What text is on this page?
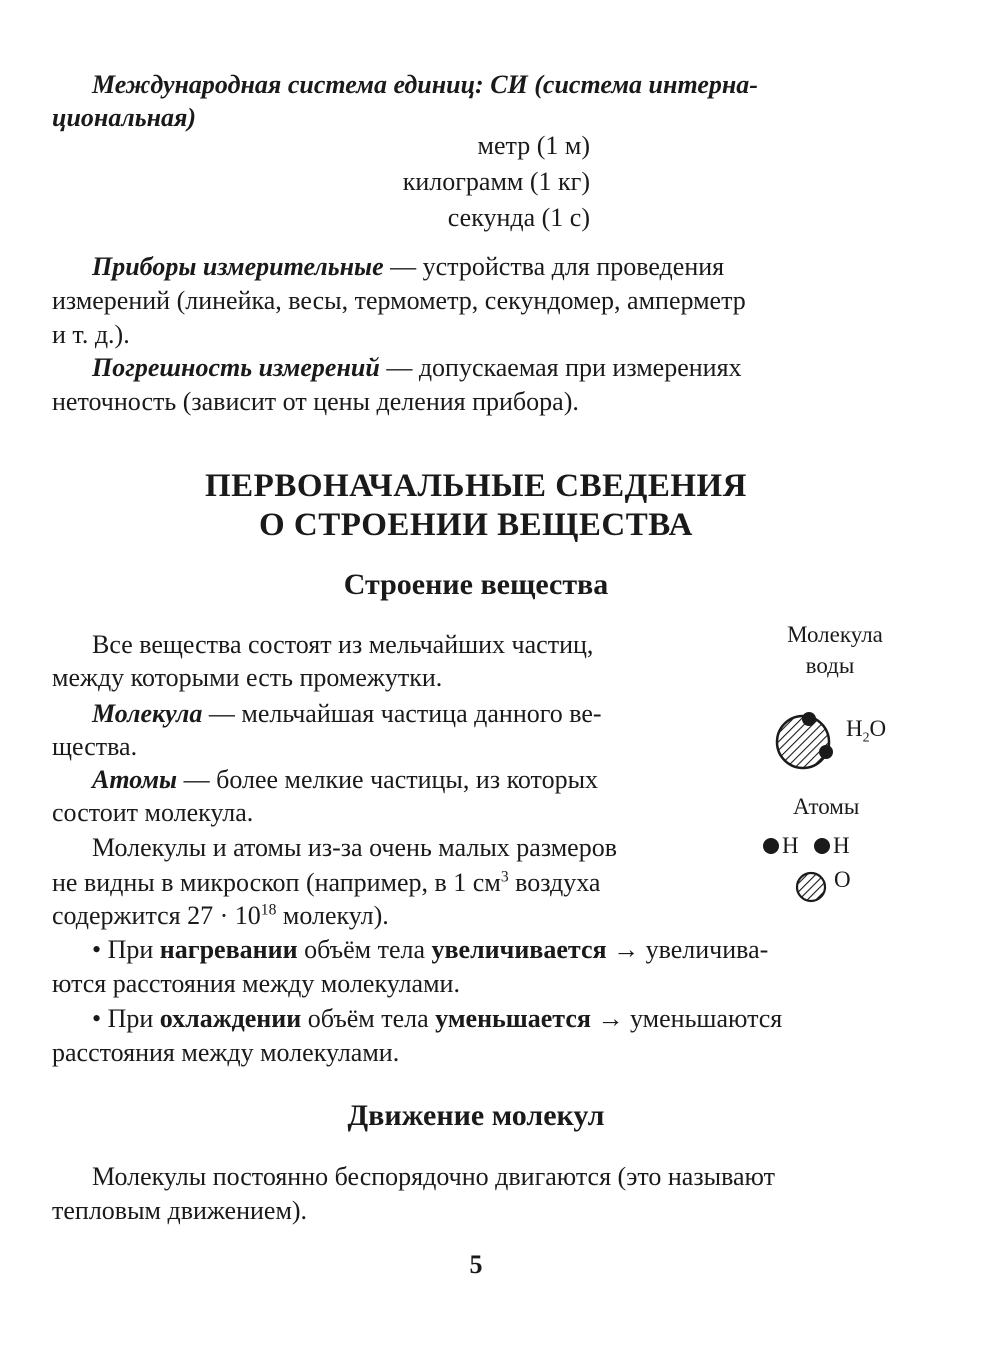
Международная система единиц: СИ (система интерна-

циональная)

метр (1 м)

килограмм (1 кг)

секунда (1 с)

Приборы измерительные — устройства для проведения

измерений (линейка, весы, термометр, секундомер, амперметр

и т. д.).

Погрешность измерений — допускаемая при измерениях

неточность (зависит от цены деления прибора).

ПЕРВОНАЧАЛЬНЫЕ СВЕДЕНИЯ

О СТРОЕНИИ ВЕЩЕСТВА

Строение вещества

Все вещества состоят из мельчайших частиц,

между которыми есть промежутки.

Молекула — мельчайшая частица данного ве-

щества.

Атомы — более мелкие частицы, из которых

состоит молекула.

Молекулы и атомы из-за очень малых размеров

не видны в микроскоп (например, в 1 $см^3$ воздуха

содержится $27 \cdot 10^{18}$ молекул).

• При нагревании объём тела увеличивается → увеличива-

ются расстояния между молекулами.

• При охлаждении объём тела уменьшается → уменьшаются

расстояния между молекулами.

Молекула

воды

$H_2O$

Атомы

H H

O

Движение молекул

Молекулы постоянно беспорядочно двигаются (это называют

тепловым движением).

5
